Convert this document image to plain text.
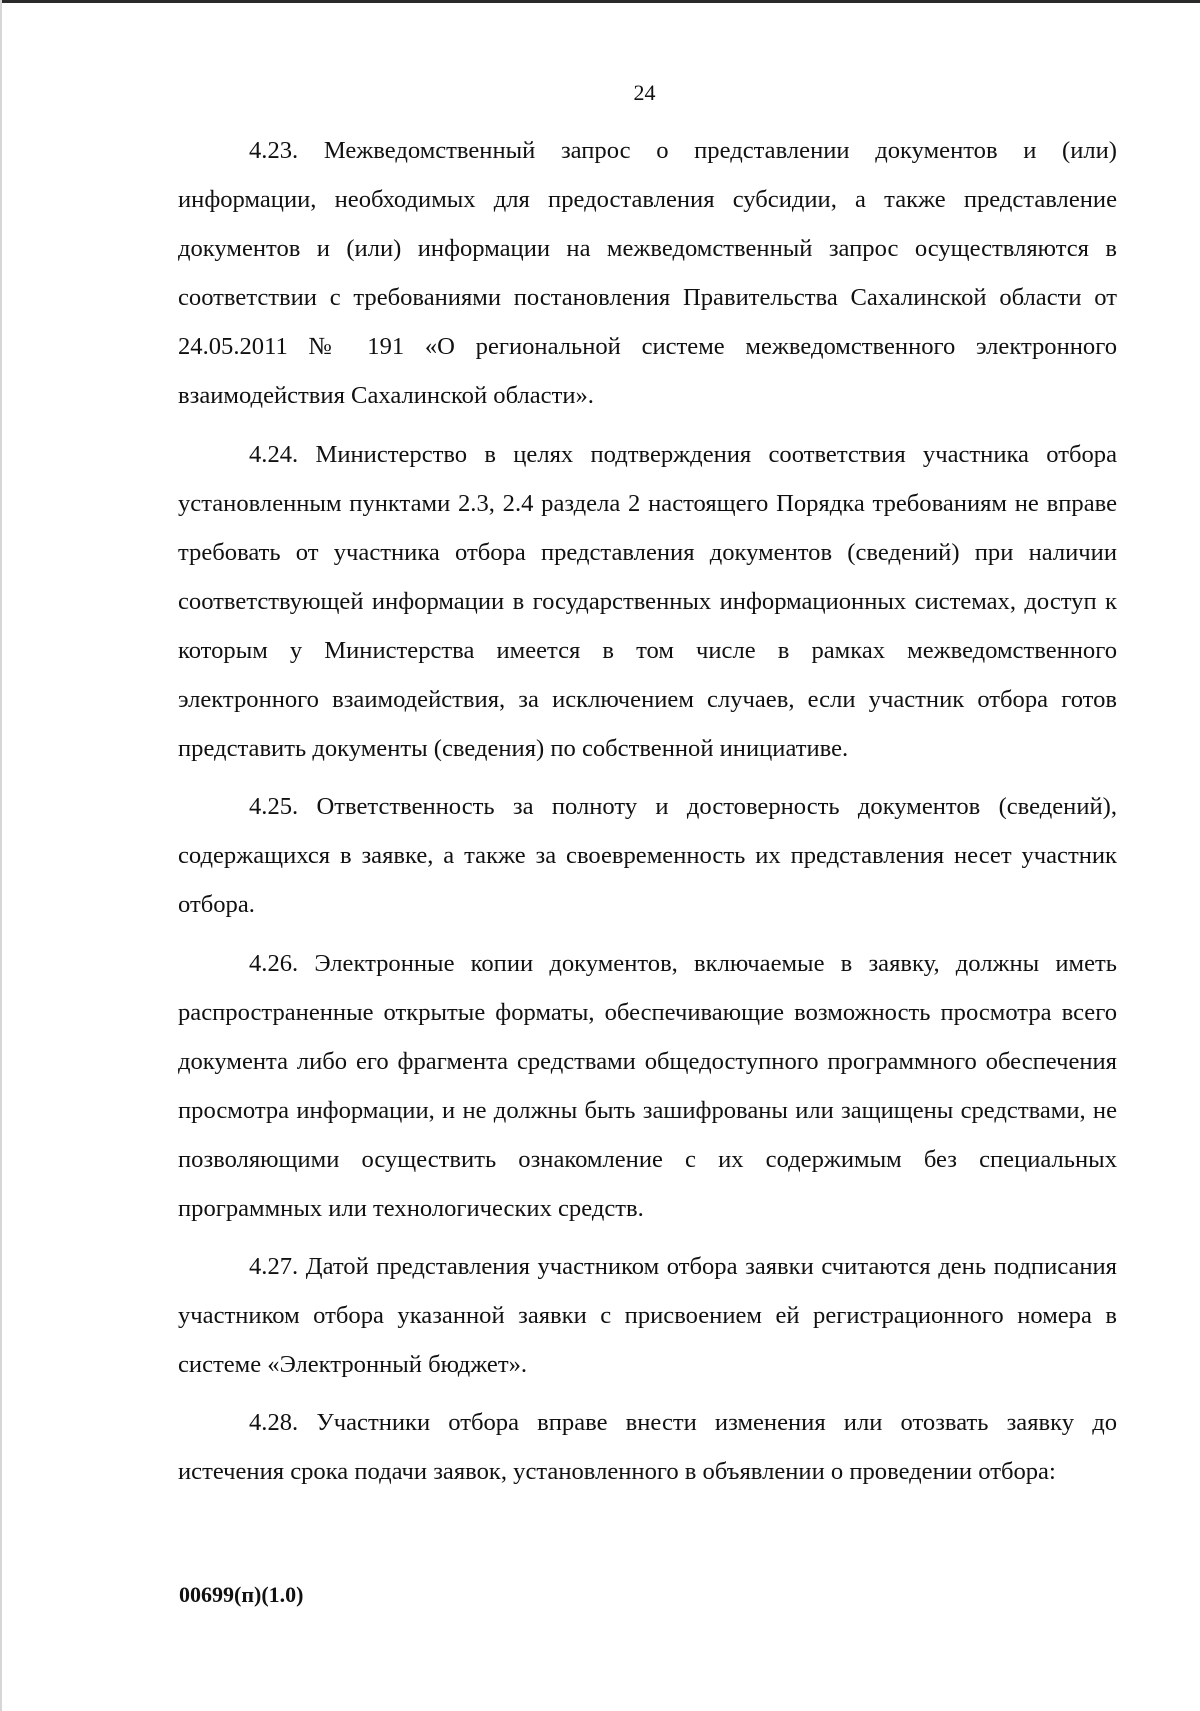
24

4.23. Межведомственный запрос о представлении документов и (или) информации, необходимых для предоставления субсидии, а также представление документов и (или) информации на межведомственный запрос осуществляются в соответствии с требованиями постановления Правительства Сахалинской области от 24.05.2011 № 191 «О региональной системе межведомственного электронного взаимодействия Сахалинской области».

4.24. Министерство в целях подтверждения соответствия участника отбора установленным пунктами 2.3, 2.4 раздела 2 настоящего Порядка требованиям не вправе требовать от участника отбора представления документов (сведений) при наличии соответствующей информации в государственных информационных системах, доступ к которым у Министерства имеется в том числе в рамках межведомственного электронного взаимодействия, за исключением случаев, если участник отбора готов представить документы (сведения) по собственной инициативе.

4.25. Ответственность за полноту и достоверность документов (сведений), содержащихся в заявке, а также за своевременность их представления несет участник отбора.

4.26. Электронные копии документов, включаемые в заявку, должны иметь распространенные открытые форматы, обеспечивающие возможность просмотра всего документа либо его фрагмента средствами общедоступного программного обеспечения просмотра информации, и не должны быть зашифрованы или защищены средствами, не позволяющими осуществить ознакомление с их содержимым без специальных программных или технологических средств.

4.27. Датой представления участником отбора заявки считаются день подписания участником отбора указанной заявки с присвоением ей регистрационного номера в системе «Электронный бюджет».

4.28. Участники отбора вправе внести изменения или отозвать заявку до истечения срока подачи заявок, установленного в объявлении о проведении отбора:

00699(п)(1.0)
